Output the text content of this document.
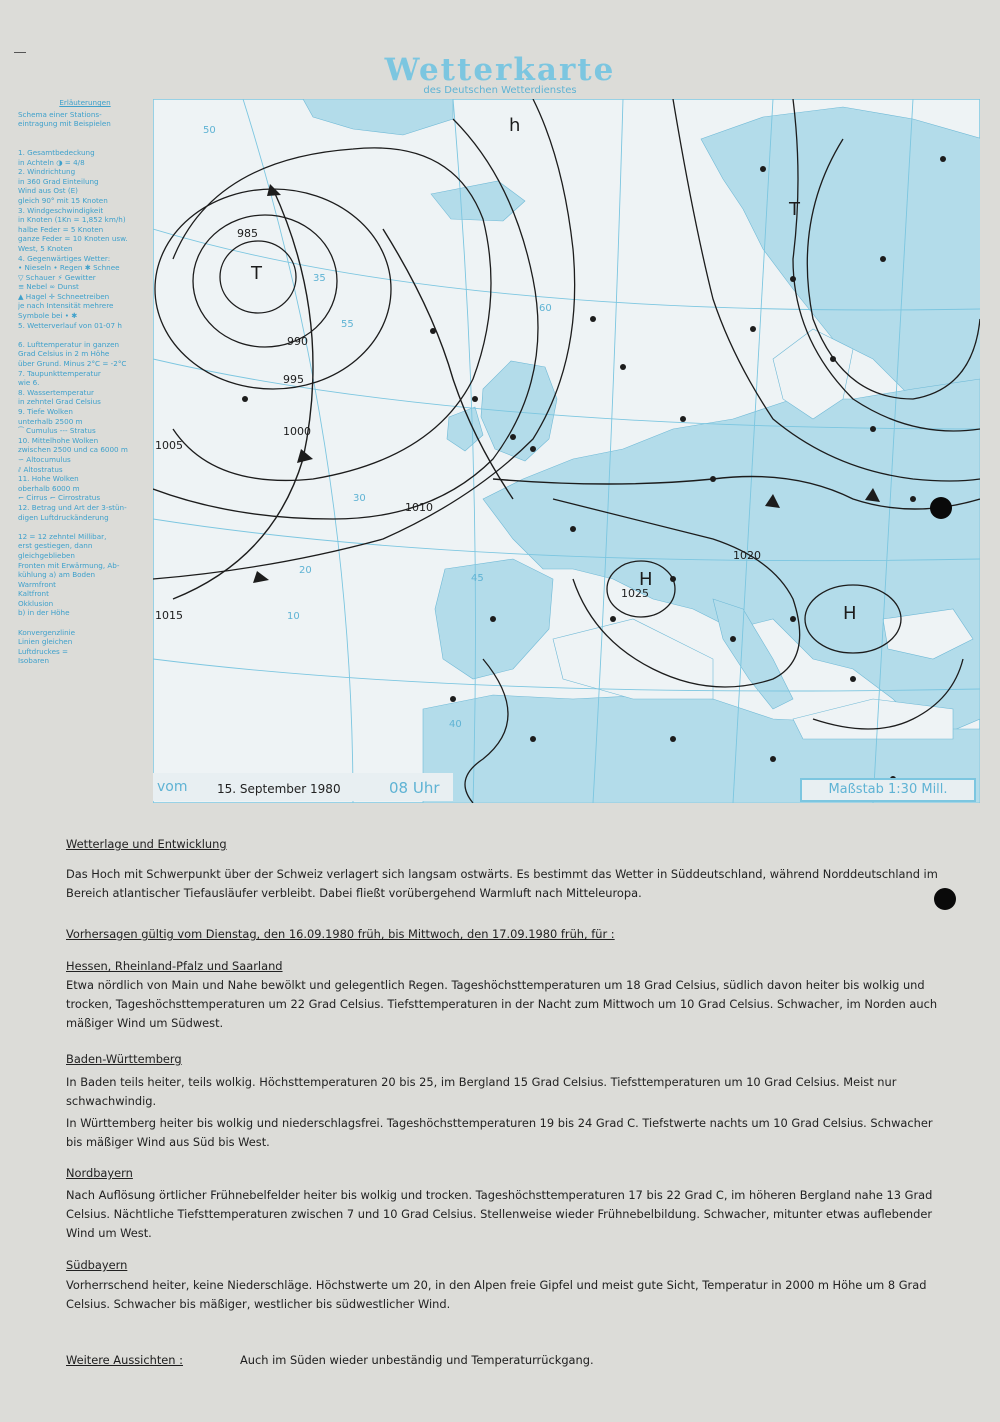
Wetterkarte
des Deutschen Wetterdienstes
Erläuterungen
Schema einer Stations-
eintragung mit Beispielen

1. Gesamtbedeckung
in Achteln ◑ = 4/8
2. Windrichtung
in 360 Grad Einteilung
Wind aus Ost (E)
gleich 90° mit 15 Knoten
3. Windgeschwindigkeit
in Knoten (1Kn = 1,852 km/h)
halbe Feder = 5 Knoten
ganze Feder = 10 Knoten usw.
West, 5 Knoten
4. Gegenwärtiges Wetter:
• Nieseln • Regen ✱ Schnee
▽ Schauer ⚡ Gewitter
≡ Nebel ∞ Dunst
▲ Hagel ✛ Schneetreiben
je nach Intensität mehrere
Symbole bei • ✱
5. Wetterverlauf von 01-07 h

6. Lufttemperatur in ganzen
Grad Celsius in 2 m Höhe
über Grund. Minus 2°C = -2°C
7. Taupunkttemperatur
wie 6.
8. Wassertemperatur
in zehntel Grad Celsius
9. Tiefe Wolken
unterhalb 2500 m
⁀ Cumulus --- Stratus
10. Mittelhohe Wolken
zwischen 2500 und ca 6000 m
∽ Altocumulus
⫽ Altostratus
11. Hohe Wolken
oberhalb 6000 m
⌐ Cirrus ⌐ Cirrostratus
12. Betrag und Art der 3-stün-
digen Luftdruckänderung

12 = 12 zehntel Millibar,
erst gestiegen, dann
gleichgeblieben
Fronten mit Erwärmung, Ab-
kühlung a) am Boden
Warmfront
Kaltfront
Okklusion
b) in der Höhe

Konvergenzlinie
Linien gleichen
Luftdruckes =
Isobaren
50
45
40
35
55
60
30
20
10
985
990
995
1000
1005
1010
1015
1020
1025
T
T
H
H
h
vom 15. September 1980	08 Uhr	Maßstab 1:30 Mill.
Wetterlage und Entwicklung
Das Hoch mit Schwerpunkt über der Schweiz verlagert sich langsam ostwärts. Es bestimmt das Wetter in Süddeutschland, während Norddeutschland im Bereich atlantischer Tiefausläufer verbleibt. Dabei fließt vorübergehend Warmluft nach Mitteleuropa.
Vorhersagen gültig vom Dienstag, den 16.09.1980 früh, bis Mittwoch, den 17.09.1980 früh, für :
Hessen, Rheinland-Pfalz und Saarland
Etwa nördlich von Main und Nahe bewölkt und gelegentlich Regen. Tageshöchsttemperaturen um 18 Grad Celsius, südlich davon heiter bis wolkig und trocken, Tageshöchsttemperaturen um 22 Grad Celsius. Tiefsttemperaturen in der Nacht zum Mittwoch um 10 Grad Celsius. Schwacher, im Norden auch mäßiger Wind um Südwest.
Baden-Württemberg
In Baden teils heiter, teils wolkig. Höchsttemperaturen 20 bis 25, im Bergland 15 Grad Celsius. Tiefsttemperaturen um 10 Grad Celsius. Meist nur schwachwindig.
In Württemberg heiter bis wolkig und niederschlagsfrei. Tageshöchsttemperaturen 19 bis 24 Grad C. Tiefstwerte nachts um 10 Grad Celsius. Schwacher bis mäßiger Wind aus Süd bis West.
Nordbayern
Nach Auflösung örtlicher Frühnebelfelder heiter bis wolkig und trocken. Tageshöchsttemperaturen 17 bis 22 Grad C, im höheren Bergland nahe 13 Grad Celsius. Nächtliche Tiefsttemperaturen zwischen 7 und 10 Grad Celsius. Stellenweise wieder Frühnebelbildung. Schwacher, mitunter etwas auflebender Wind um West.
Südbayern
Vorherrschend heiter, keine Niederschläge. Höchstwerte um 20, in den Alpen freie Gipfel und meist gute Sicht, Temperatur in 2000 m Höhe um 8 Grad Celsius. Schwacher bis mäßiger, westlicher bis südwestlicher Wind.
Weitere Aussichten :	Auch im Süden wieder unbeständig und Temperaturrückgang.
